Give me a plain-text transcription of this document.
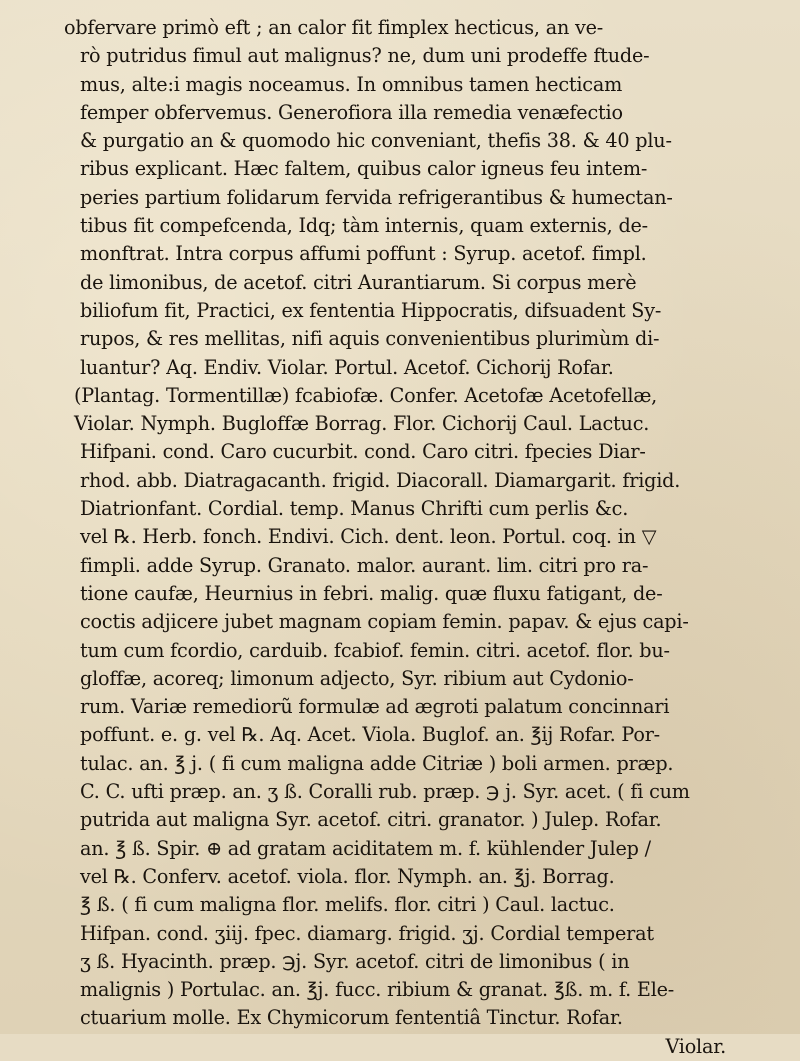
obfervare primò eft ; an calor fit fimplex hecticus, an ve-
rò putridus fimul aut malignus? ne, dum uni prodeffe ftude-
mus, alte:i magis noceamus. In omnibus tamen hecticam
femper obfervemus. Generofiora illa remedia venæfectio
& purgatio an & quomodo hic conveniant, thefis 38. & 40 plu-
ribus explicant. Hæc faltem, quibus calor igneus feu intem-
peries partium folidarum fervida refrigerantibus & humectan-
tibus fit compefcenda, Idq; tàm internis, quam externis, de-
monftrat. Intra corpus affumi poffunt : Syrup. acetof. fimpl.
de limonibus, de acetof. citri Aurantiarum. Si corpus merè
biliofum fit, Practici, ex fententia Hippocratis, difsuadent Sy-
rupos, & res mellitas, nifi aquis convenientibus plurimùm di-
luantur? Aq. Endiv. Violar. Portul. Acetof. Cichorij Rofar.
(Plantag. Tormentillæ) fcabiofæ. Confer. Acetofæ Acetofellæ,
Violar. Nymph. Bugloffæ Borrag. Flor. Cichorij Caul. Lactuc.
Hifpani. cond. Caro cucurbit. cond. Caro citri. fpecies Diar-
rhod. abb. Diatragacanth. frigid. Diacorall. Diamargarit. frigid.
Diatrionfant. Cordial. temp. Manus Chrifti cum perlis &c.
vel ℞. Herb. fonch. Endivi. Cich. dent. leon. Portul. coq. in ▽
fimpli. adde Syrup. Granato. malor. aurant. lim. citri pro ra-
tione caufæ, Heurnius in febri. malig. quæ fluxu fatigant, de-
coctis adjicere jubet magnam copiam femin. papav. & ejus capi-
tum cum fcordio, carduib. fcabiof. femin. citri. acetof. flor. bu-
gloffæ, acoreq; limonum adjecto, Syr. ribium aut Cydonio-
rum. Variæ remediorũ formulæ ad ægroti palatum concinnari
poffunt. e. g. vel ℞. Aq. Acet. Viola. Buglof. an. ℥ij Rofar. Por-
tulac. an. ℥ j. ( fi cum maligna adde Citriæ ) boli armen. præp.
C. C. ufti præp. an. ʒ ß. Coralli rub. præp. ℈ j. Syr. acet. ( fi cum
putrida aut maligna Syr. acetof. citri. granator. ) Julep. Rofar.
an. ℥ ß. Spir. ⊕ ad gratam aciditatem m. f. kühlender Julep /
vel ℞. Conferv. acetof. viola. flor. Nymph. an. ℥j. Borrag.
℥ ß. ( fi cum maligna flor. melifs. flor. citri ) Caul. lactuc.
Hifpan. cond. ʒiij. fpec. diamarg. frigid. ʒj. Cordial temperat
ʒ ß. Hyacinth. præp. ℈j. Syr. acetof. citri de limonibus ( in
malignis ) Portulac. an. ℥j. fucc. ribium & granat. ℥ß. m. f. Ele-
ctuarium molle. Ex Chymicorum fententiâ Tinctur. Rofar.
Violar.
